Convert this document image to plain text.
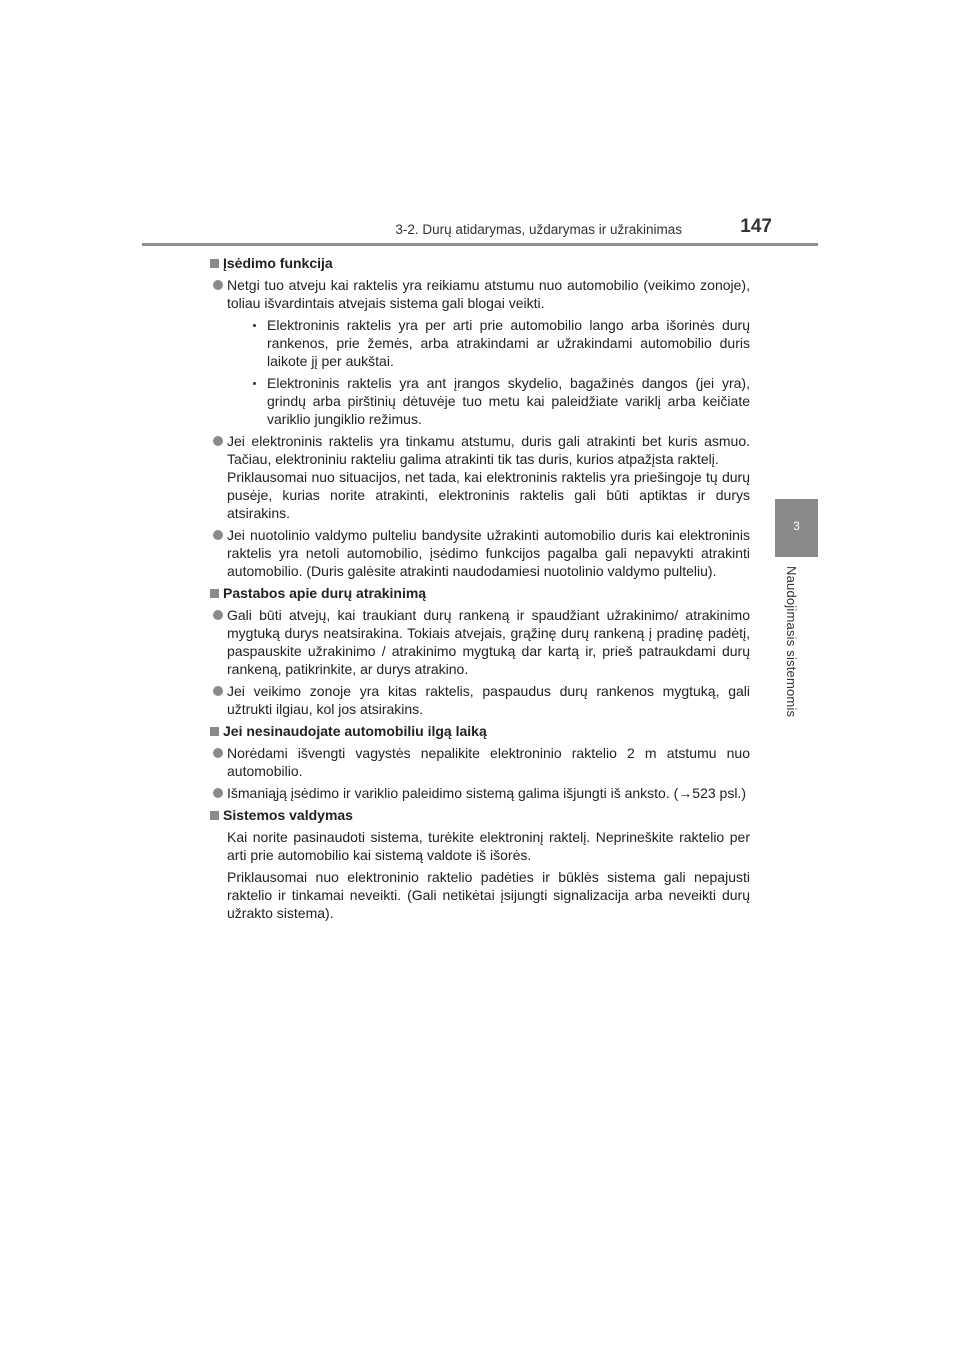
3-2. Durų atidarymas, uždarymas ir užrakinimas	147
3
Naudojimasis sistemomis
Įsėdimo funkcija
Netgi tuo atveju kai raktelis yra reikiamu atstumu nuo automobilio (veikimo zonoje), toliau išvardintais atvejais sistema gali blogai veikti.
Elektroninis raktelis yra per arti prie automobilio lango arba išorinės durų rankenos, prie žemės, arba atrakindami ar užrakindami automobilio duris laikote jį per aukštai.
Elektroninis raktelis yra ant įrangos skydelio, bagažinės dangos (jei yra), grindų arba pirštinių dėtuvėje tuo metu kai paleidžiate variklį arba keičiate variklio jungiklio režimus.
Jei elektroninis raktelis yra tinkamu atstumu, duris gali atrakinti bet kuris asmuo. Tačiau, elektroniniu rakteliu galima atrakinti tik tas duris, kurios atpažįsta raktelį.
Priklausomai nuo situacijos, net tada, kai elektroninis raktelis yra priešingoje tų durų pusėje, kurias norite atrakinti, elektroninis raktelis gali būti aptiktas ir durys atsirakins.
Jei nuotolinio valdymo pulteliu bandysite užrakinti automobilio duris kai elektroninis raktelis yra netoli automobilio, įsėdimo funkcijos pagalba gali nepavykti atrakinti automobilio. (Duris galėsite atrakinti naudodamiesi nuotolinio valdymo pulteliu).
Pastabos apie durų atrakinimą
Gali būti atvejų, kai traukiant durų rankeną ir spaudžiant užrakinimo/ atrakinimo mygtuką durys neatsirakina. Tokiais atvejais, grąžinę durų rankeną į pradinę padėtį, paspauskite užrakinimo / atrakinimo mygtuką dar kartą ir, prieš patraukdami durų rankeną, patikrinkite, ar durys atrakino.
Jei veikimo zonoje yra kitas raktelis, paspaudus durų rankenos mygtuką, gali užtrukti ilgiau, kol jos atsirakins.
Jei nesinaudojate automobiliu ilgą laiką
Norėdami išvengti vagystės nepalikite elektroninio raktelio 2 m atstumu nuo automobilio.
Išmaniąją įsėdimo ir variklio paleidimo sistemą galima išjungti iš anksto. (→523 psl.)
Sistemos valdymas
Kai norite pasinaudoti sistema, turėkite elektroninį raktelį. Neprineškite raktelio per arti prie automobilio kai sistemą valdote iš išorės.
Priklausomai nuo elektroninio raktelio padėties ir būklės sistema gali nepajusti raktelio ir tinkamai neveikti. (Gali netikėtai įsijungti signalizacija arba neveikti durų užrakto sistema).
